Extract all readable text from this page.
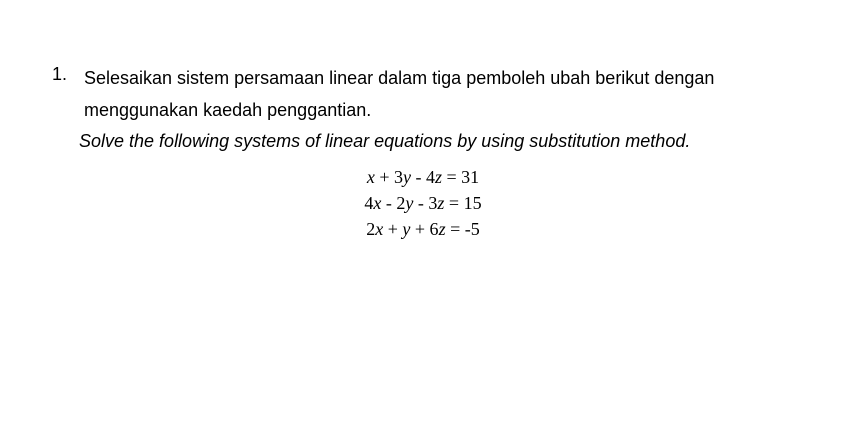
1. Selesaikan sistem persamaan linear dalam tiga pemboleh ubah berikut dengan menggunakan kaedah penggantian.
Solve the following systems of linear equations by using substitution method.
x + 3y - 4z = 31
4x - 2y - 3z = 15
2x + y + 6z = -5
